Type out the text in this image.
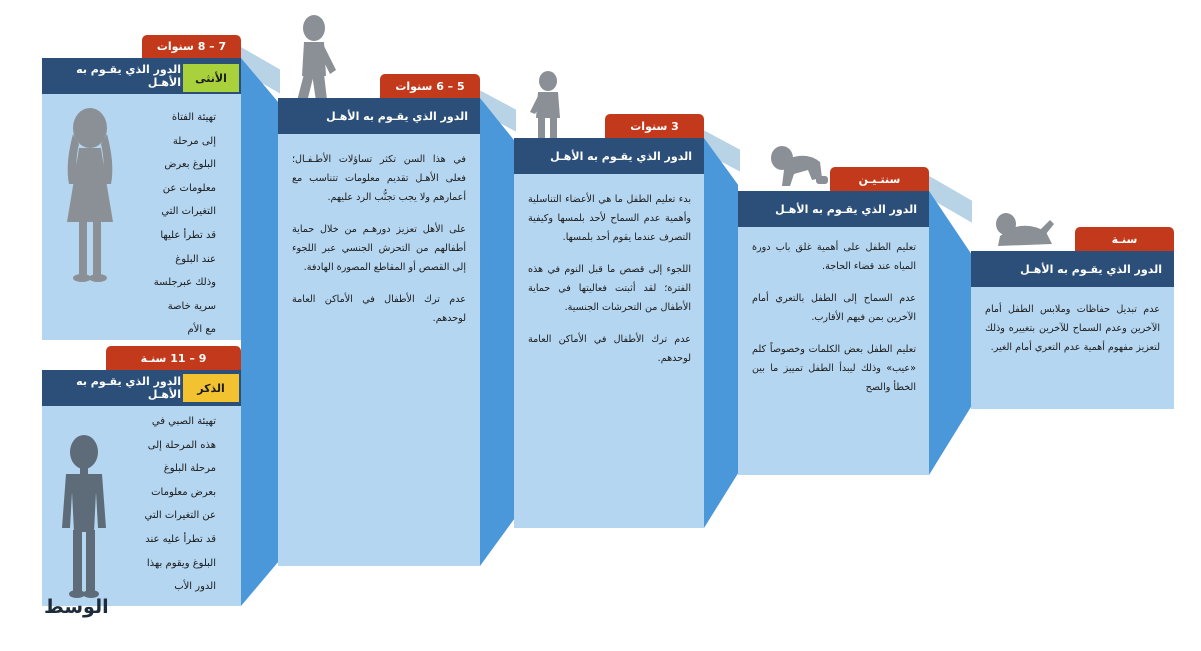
7 – 8 سنوات
الدور الذي يقـوم به الأهـل	الأنثى
تهيئة الفتاة
إلى مرحلة
البلوغ بعرض
معلومات عن
التغيرات التي
قد تطرأ عليها
عند البلوغ
وذلك عبرجلسة
سرية خاصة
مع الأم
9 – 11 سنـة
الدور الذي يقـوم به الأهـل	الذكر
تهيئة الصبي في
هذه المرحلة إلى
مرحلة البلوغ
بعرض معلومات
عن التغيرات التي
قد تطرأ عليه عند
البلوغ ويقوم بهذا
الدور الأب
الوسط
5 – 6 سنوات
الدور الذي يقـوم به الأهـل

في هذا السن تكثر تساؤلات الأطـفـال؛ فعلى الأهـل تقديم معلومات تتناسب مع أعمارهم ولا يجب تجنُّب الرد عليهم.

على الأهل تعزيز دورهـم من خلال حماية أطفالهم من التحرش الجنسي عبر اللجوء إلى القصص أو المقاطع المصورة الهادفة.

عدم ترك الأطفال في الأماكن العامة لوحدهم.

3 سنوات
الدور الذي يقـوم به الأهـل

بدء تعليم الطفل ما هي الأعضاء التناسلية وأهمية عدم السماح لأحد بلمسها وكيفية التصرف عندما يقوم أحد بلمسها.

اللجوء إلى قصص ما قبل النوم في هذه الفترة؛ لقد أثبتت فعاليتها في حماية الأطفال من التحرشات الجنسية.

عدم ترك الأطفال في الأماكن العامة لوحدهم.

سنتـيـن
الدور الذي يقـوم به الأهـل

تعليم الطفل على أهمية غلق باب دورة المياه عند قضاء الحاجة.

عدم السماح إلى الطفل بالتعري أمام الآخرين بمن فيهم الأقارب.

تعليم الطفل بعض الكلمات وخصوصاً كلم «عيب» وذلك ليبدأ الطفل تمييز ما بين الخطأ والصح

سنـة
الدور الذي يقـوم به الأهـل

عدم تبديل حفاظات وملابس الطفل أمام الآخرين وعدم السماح للآخرين بتغييره وذلك لتعزيز مفهوم أهمية عدم التعري أمام الغير.
